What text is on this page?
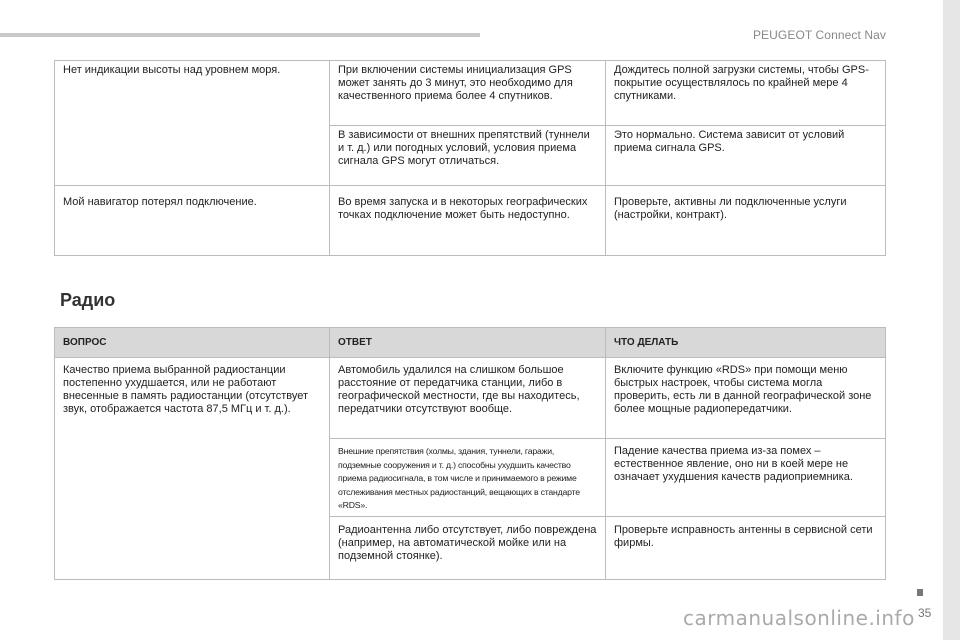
PEUGEOT Connect Nav
Нет индикации высоты над уровнем моря.	При включении системы инициализация GPS может занять до 3 минут, это необходимо для качественного приема более 4 спутников.	Дождитесь полной загрузки системы, чтобы GPS-покрытие осуществлялось по крайней мере 4 спутниками.
	В зависимости от внешних препятствий (туннели и т. д.) или погодных условий, условия приема сигнала GPS могут отличаться.	Это нормально. Система зависит от условий приема сигнала GPS.
Мой навигатор потерял подключение.	Во время запуска и в некоторых географических точках подключение может быть недоступно.	Проверьте, активны ли подключенные услуги (настройки, контракт).
Радио
ВОПРОС	ОТВЕТ	ЧТО ДЕЛАТЬ
Качество приема выбранной радиостанции постепенно ухудшается, или не работают внесенные в память радиостанции (отсутствует звук, отображается частота 87,5 МГц и т. д.).	Автомобиль удалился на слишком большое расстояние от передатчика станции, либо в географической местности, где вы находитесь, передатчики отсутствуют вообще.	Включите функцию «RDS» при помощи меню быстрых настроек, чтобы система могла проверить, есть ли в данной географической зоне более мощные радиопередатчики.
	Внешние препятствия (холмы, здания, туннели, гаражи, подземные сооружения и т. д.) способны ухудшить качество приема радиосигнала, в том числе и принимаемого в режиме отслеживания местных радиостанций, вещающих в стандарте «RDS».	Падение качества приема из-за помех – естественное явление, оно ни в коей мере не означает ухудшения качеств радиоприемника.
	Радиоантенна либо отсутствует, либо повреждена (например, на автоматической мойке или на подземной стоянке).	Проверьте исправность антенны в сервисной сети фирмы.
carmanualsonline.info 35
